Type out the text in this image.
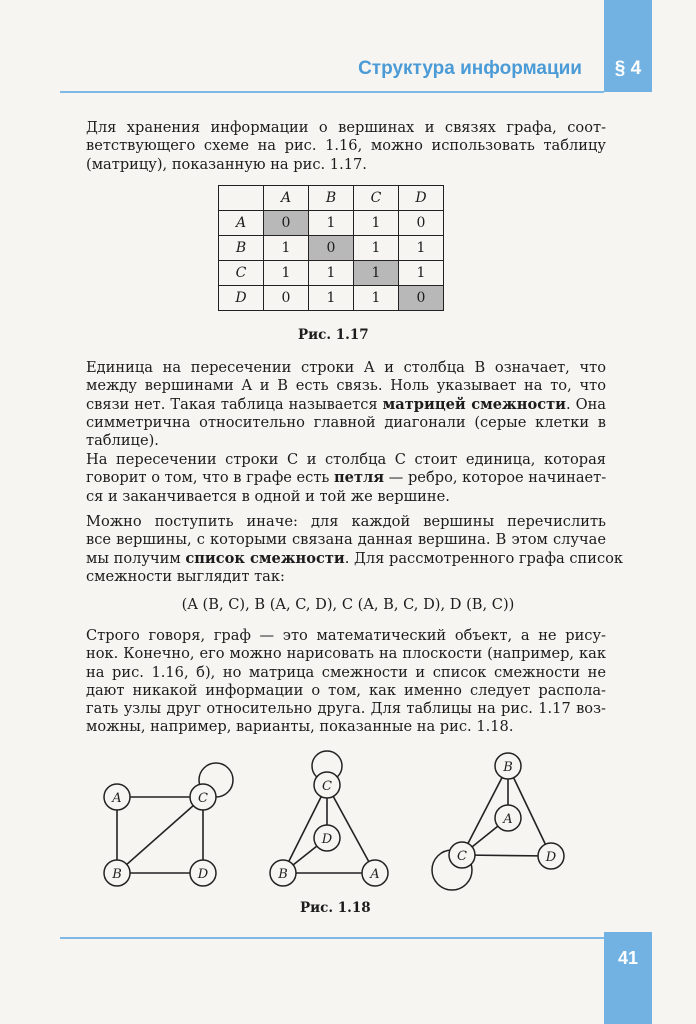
§ 4
Структура информации
Для хранения информации о вершинах и связях графа, соот-
ветствующего схеме на рис. 1.16, можно использовать таблицу
(матрицу), показанную на рис. 1.17.
	A	B	C	D
A	0	1	1	0
B	1	0	1	1
C	1	1	1	1
D	0	1	1	0
Рис. 1.17
Единица на пересечении строки A и столбца B означает, что
между вершинами A и B есть связь. Ноль указывает на то, что
связи нет. Такая таблица называется матрицей смежности. Она
симметрична относительно главной диагонали (серые клетки в
таблице).
На пересечении строки C и столбца C стоит единица, которая
говорит о том, что в графе есть петля — ребро, которое начинает-
ся и заканчивается в одной и той же вершине.
Можно поступить иначе: для каждой вершины перечислить
все вершины, с которыми связана данная вершина. В этом случае
мы получим список смежности. Для рассмотренного графа список
смежности выглядит так:
(A (B, C), B (A, C, D), C (A, B, C, D), D (B, C))
Строго говоря, граф — это математический объект, а не рису-
нок. Конечно, его можно нарисовать на плоскости (например, как
на рис. 1.16, б), но матрица смежности и список смежности не
дают никакой информации о том, как именно следует распола-
гать узлы друг относительно друга. Для таблицы на рис. 1.17 воз-
можны, например, варианты, показанные на рис. 1.18.
A
B
C
D	A
B
C
D
A
B
C	D
Рис. 1.18
41
